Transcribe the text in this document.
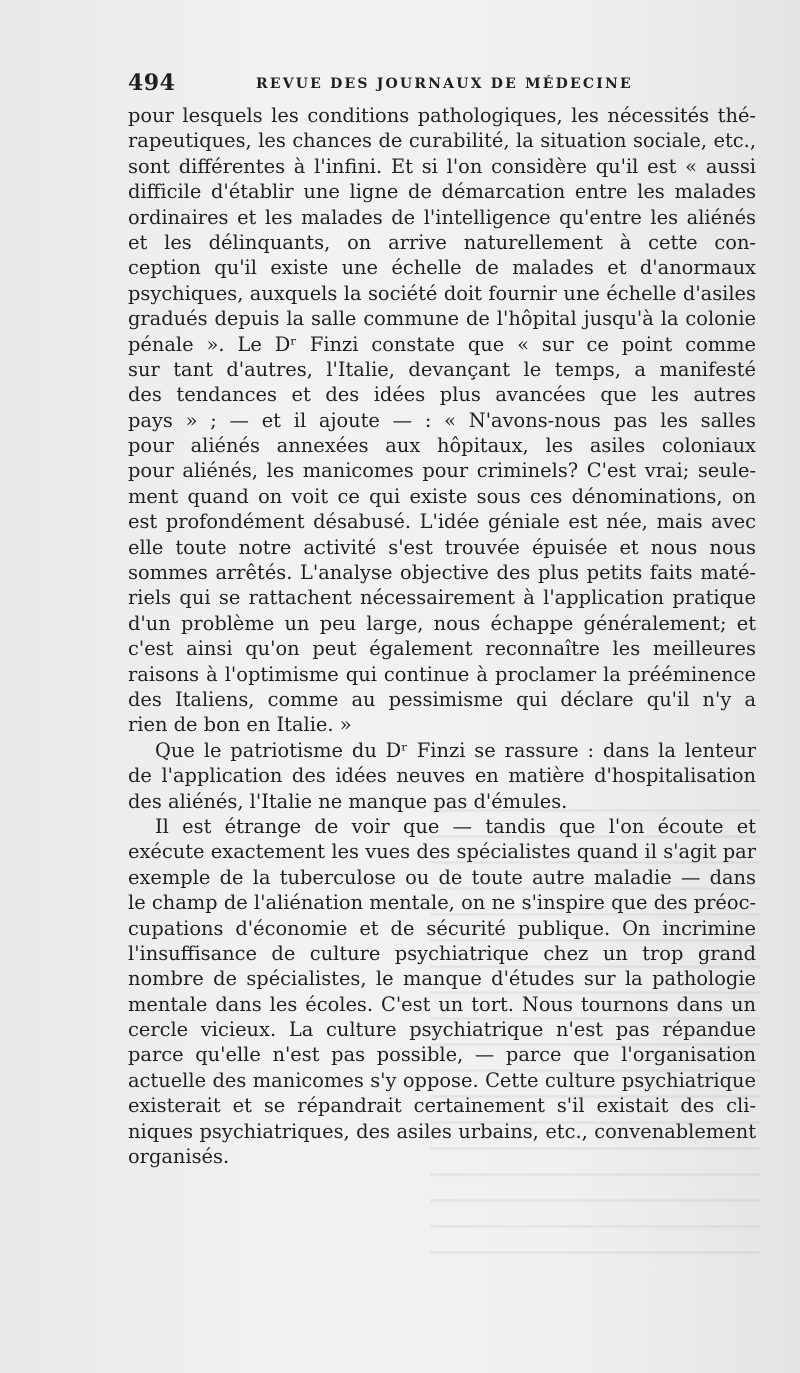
494	REVUE DES JOURNAUX DE MÉDECINE
pour lesquels les conditions pathologiques, les nécessités thé-
rapeutiques, les chances de curabilité, la situation sociale, etc.,
sont différentes à l'infini. Et si l'on considère qu'il est « aussi
difficile d'établir une ligne de démarcation entre les malades
ordinaires et les malades de l'intelligence qu'entre les aliénés
et les délinquants, on arrive naturellement à cette con-
ception qu'il existe une échelle de malades et d'anormaux
psychiques, auxquels la société doit fournir une échelle d'asiles
gradués depuis la salle commune de l'hôpital jusqu'à la colonie
pénale ». Le Dʳ Finzi constate que « sur ce point comme
sur tant d'autres, l'Italie, devançant le temps, a manifesté
des tendances et des idées plus avancées que les autres
pays » ; — et il ajoute — : « N'avons-nous pas les salles
pour aliénés annexées aux hôpitaux, les asiles coloniaux
pour aliénés, les manicomes pour criminels? C'est vrai; seule-
ment quand on voit ce qui existe sous ces dénominations, on
est profondément désabusé. L'idée géniale est née, mais avec
elle toute notre activité s'est trouvée épuisée et nous nous
sommes arrêtés. L'analyse objective des plus petits faits maté-
riels qui se rattachent nécessairement à l'application pratique
d'un problème un peu large, nous échappe généralement; et
c'est ainsi qu'on peut également reconnaître les meilleures
raisons à l'optimisme qui continue à proclamer la prééminence
des Italiens, comme au pessimisme qui déclare qu'il n'y a
rien de bon en Italie. »
Que le patriotisme du Dʳ Finzi se rassure : dans la lenteur
de l'application des idées neuves en matière d'hospitalisation
des aliénés, l'Italie ne manque pas d'émules.
Il est étrange de voir que — tandis que l'on écoute et
exécute exactement les vues des spécialistes quand il s'agit par
exemple de la tuberculose ou de toute autre maladie — dans
le champ de l'aliénation mentale, on ne s'inspire que des préoc-
cupations d'économie et de sécurité publique. On incrimine
l'insuffisance de culture psychiatrique chez un trop grand
nombre de spécialistes, le manque d'études sur la pathologie
mentale dans les écoles. C'est un tort. Nous tournons dans un
cercle vicieux. La culture psychiatrique n'est pas répandue
parce qu'elle n'est pas possible, — parce que l'organisation
actuelle des manicomes s'y oppose. Cette culture psychiatrique
existerait et se répandrait certainement s'il existait des cli-
niques psychiatriques, des asiles urbains, etc., convenablement
organisés.
